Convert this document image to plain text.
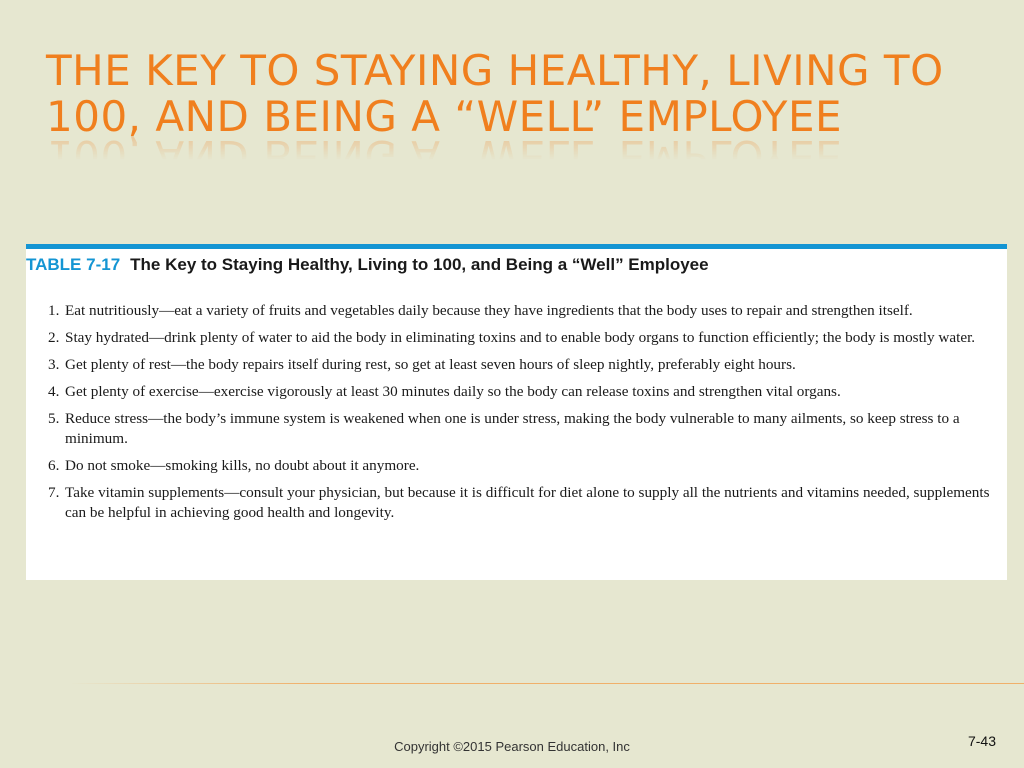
THE KEY TO STAYING HEALTHY, LIVING TO 100, AND BEING A “WELL” EMPLOYEE
TABLE 7-17 The Key to Staying Healthy, Living to 100, and Being a “Well” Employee
1. Eat nutritiously—eat a variety of fruits and vegetables daily because they have ingredients that the body uses to repair and strengthen itself.
2. Stay hydrated—drink plenty of water to aid the body in eliminating toxins and to enable body organs to function efficiently; the body is mostly water.
3. Get plenty of rest—the body repairs itself during rest, so get at least seven hours of sleep nightly, preferably eight hours.
4. Get plenty of exercise—exercise vigorously at least 30 minutes daily so the body can release toxins and strengthen vital organs.
5. Reduce stress—the body’s immune system is weakened when one is under stress, making the body vulnerable to many ailments, so keep stress to a minimum.
6. Do not smoke—smoking kills, no doubt about it anymore.
7. Take vitamin supplements—consult your physician, but because it is difficult for diet alone to supply all the nutrients and vitamins needed, supplements can be helpful in achieving good health and longevity.
Copyright ©2015 Pearson Education, Inc	7-43
